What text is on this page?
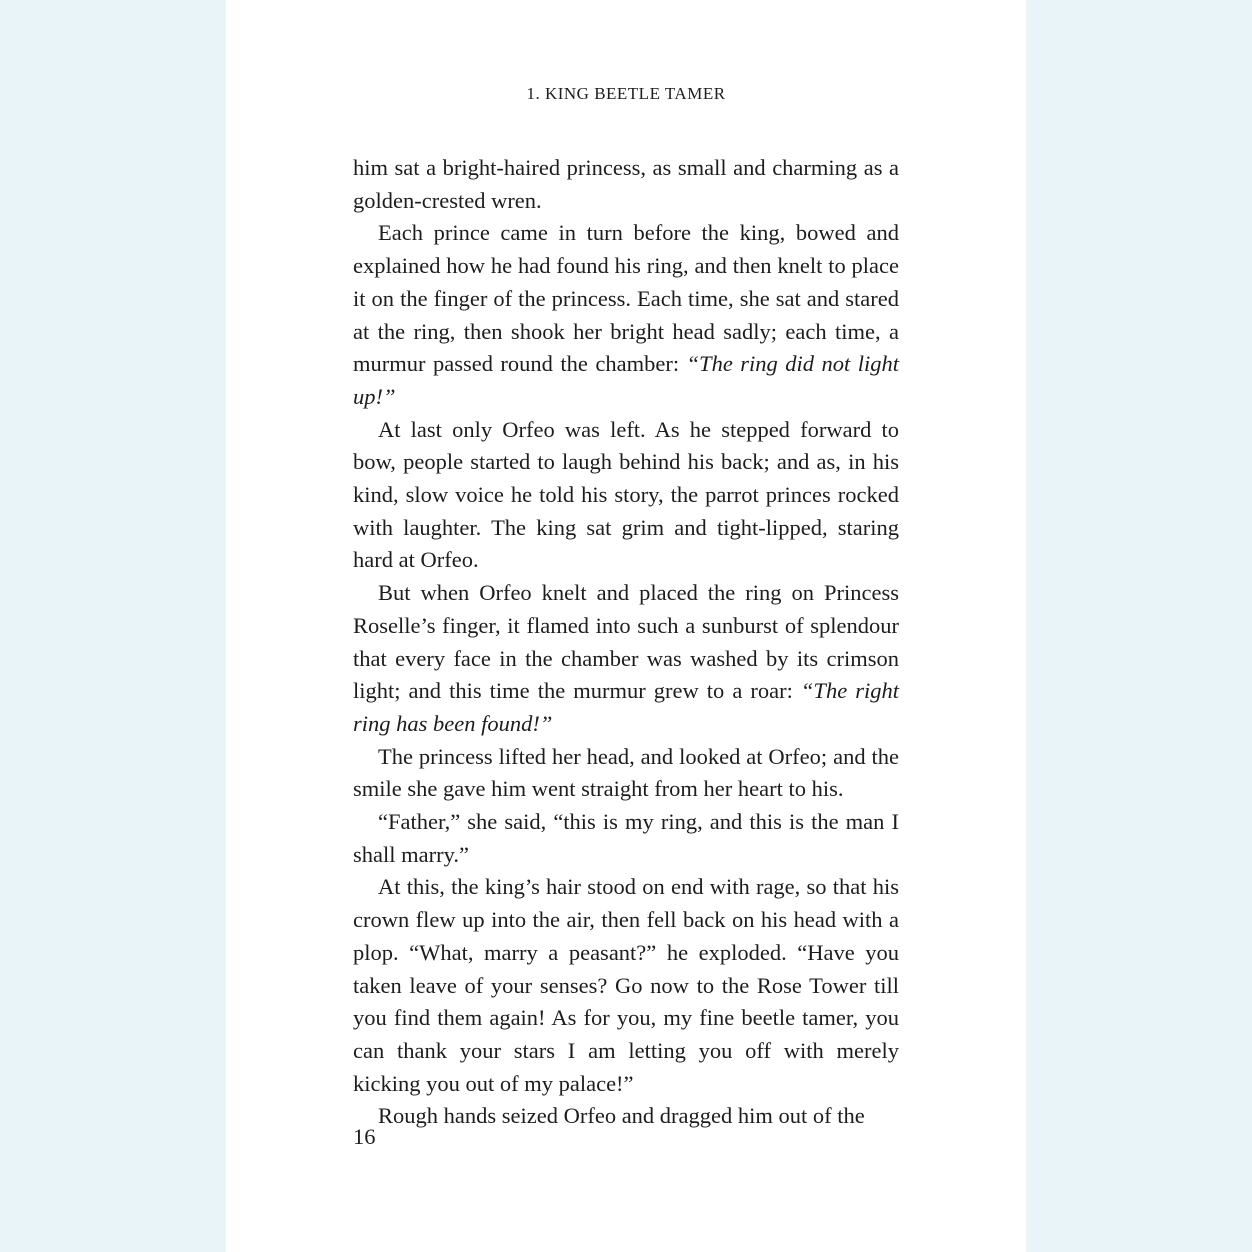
1. KING BEETLE TAMER

him sat a bright-haired princess, as small and charming as a golden-crested wren.

Each prince came in turn before the king, bowed and explained how he had found his ring, and then knelt to place it on the finger of the princess. Each time, she sat and stared at the ring, then shook her bright head sadly; each time, a murmur passed round the chamber: “The ring did not light up!”

At last only Orfeo was left. As he stepped forward to bow, people started to laugh behind his back; and as, in his kind, slow voice he told his story, the parrot princes rocked with laughter. The king sat grim and tight-lipped, staring hard at Orfeo.

But when Orfeo knelt and placed the ring on Princess Roselle’s finger, it flamed into such a sunburst of splendour that every face in the chamber was washed by its crimson light; and this time the murmur grew to a roar: “The right ring has been found!”

The princess lifted her head, and looked at Orfeo; and the smile she gave him went straight from her heart to his.

“Father,” she said, “this is my ring, and this is the man I shall marry.”

At this, the king’s hair stood on end with rage, so that his crown flew up into the air, then fell back on his head with a plop. “What, marry a peasant?” he exploded. “Have you taken leave of your senses? Go now to the Rose Tower till you find them again! As for you, my fine beetle tamer, you can thank your stars I am letting you off with merely kicking you out of my palace!”

Rough hands seized Orfeo and dragged him out of the

16
